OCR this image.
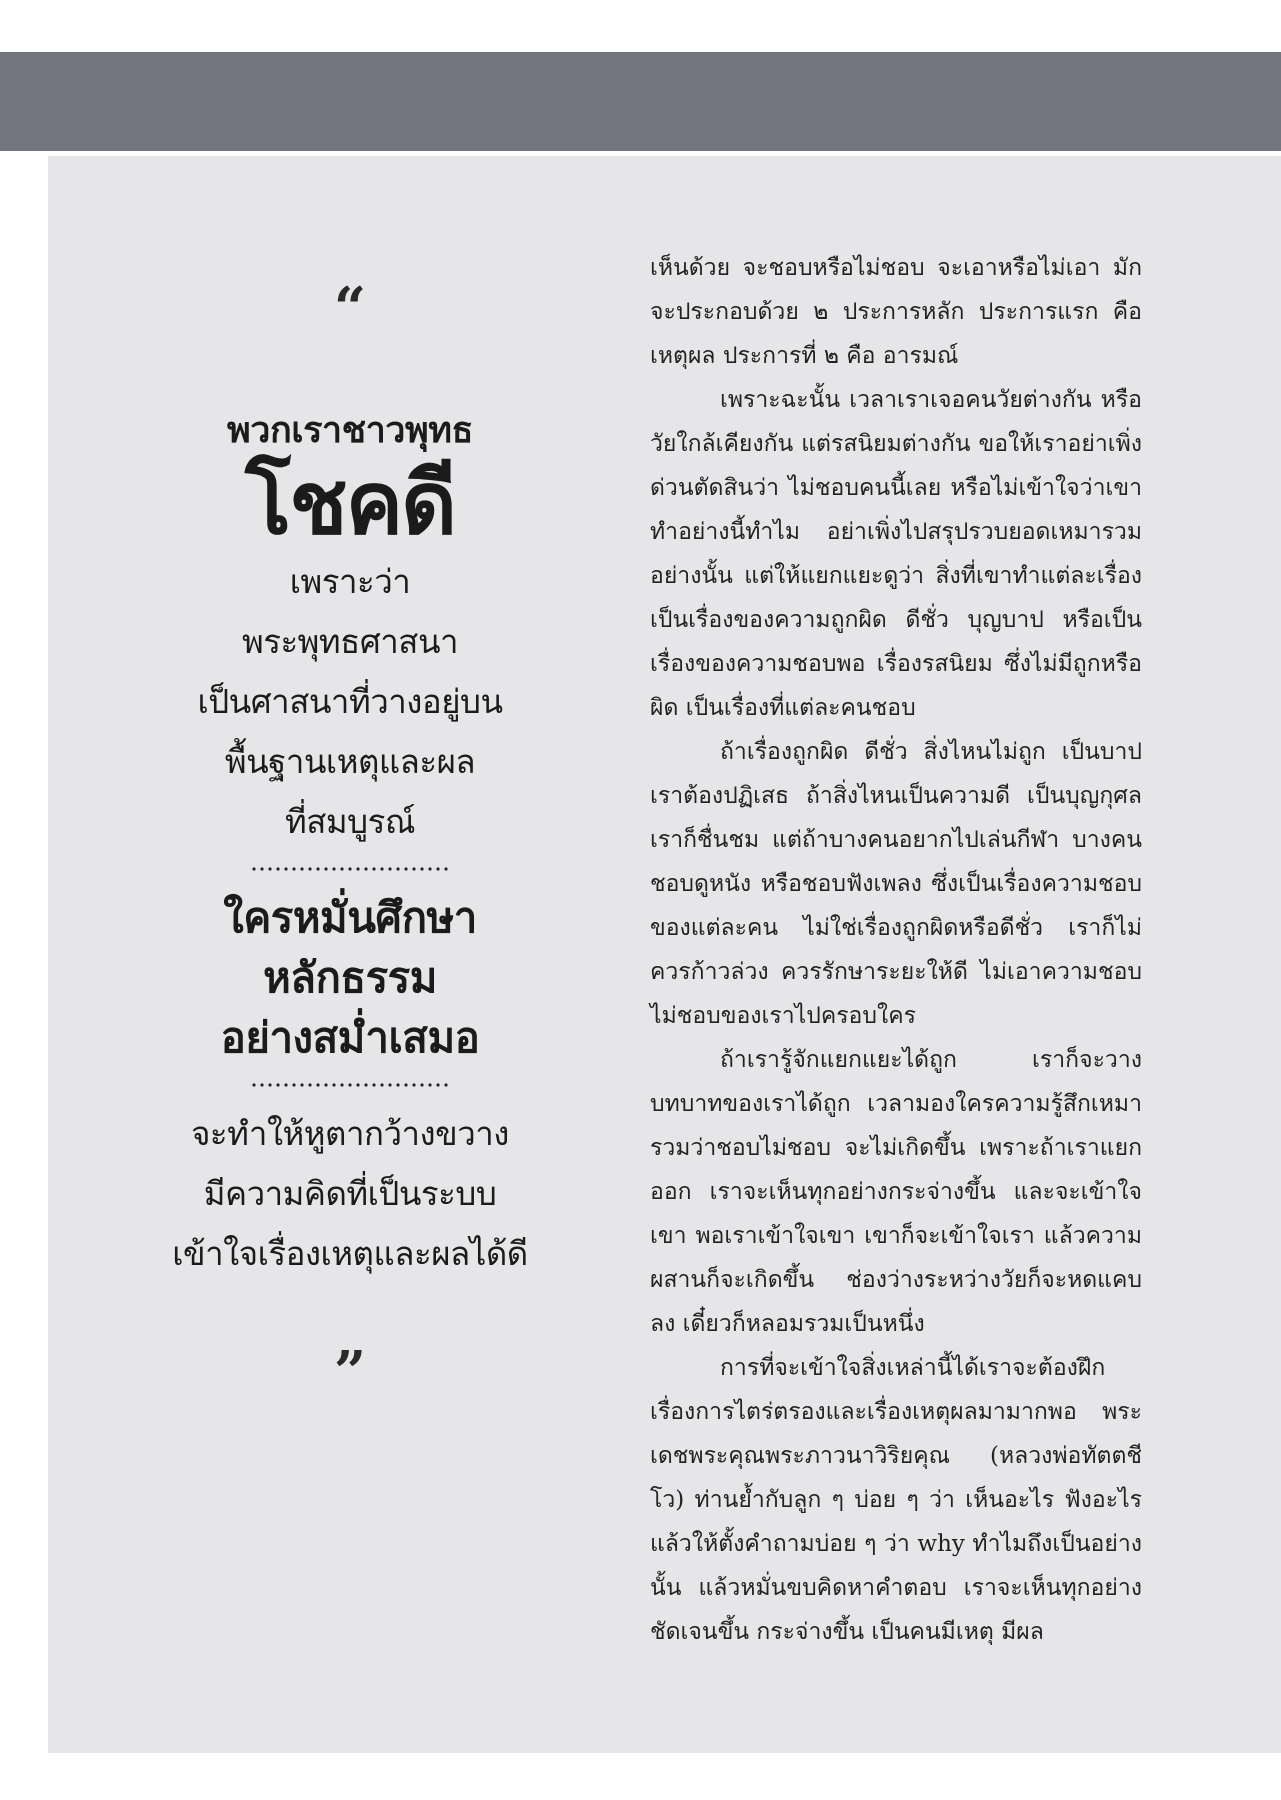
“
พวกเราชาวพุทธ
โชคดี
เพราะว่า
พระพุทธศาสนา
เป็นศาสนาที่วางอยู่บน
พื้นฐานเหตุและผล
ที่สมบูรณ์
ใครหมั่นศึกษา
หลักธรรม
อย่างสม่ำเสมอ
จะทำให้หูตากว้างขวาง
มีความคิดที่เป็นระบบ
เข้าใจเรื่องเหตุและผลได้ดี
”

เห็นด้วย จะชอบหรือไม่ชอบ จะเอาหรือไม่เอา มักจะประกอบด้วย ๒ ประการหลัก ประการแรก คือ เหตุผล ประการที่ ๒ คือ อารมณ์

เพราะฉะนั้น เวลาเราเจอคนวัยต่างกัน หรือวัยใกล้เคียงกัน แต่รสนิยมต่างกัน ขอให้เราอย่าเพิ่งด่วนตัดสินว่า ไม่ชอบคนนี้เลย หรือไม่เข้าใจว่าเขาทำอย่างนี้ทำไม อย่าเพิ่งไปสรุปรวบยอดเหมารวมอย่างนั้น แต่ให้แยกแยะดูว่า สิ่งที่เขาทำแต่ละเรื่องเป็นเรื่องของความถูกผิด ดีชั่ว บุญบาป หรือเป็นเรื่องของความชอบพอ เรื่องรสนิยม ซึ่งไม่มีถูกหรือผิด เป็นเรื่องที่แต่ละคนชอบ

ถ้าเรื่องถูกผิด ดีชั่ว สิ่งไหนไม่ถูก เป็นบาป เราต้องปฏิเสธ ถ้าสิ่งไหนเป็นความดี เป็นบุญกุศล เราก็ชื่นชม แต่ถ้าบางคนอยากไปเล่นกีฬา บางคนชอบดูหนัง หรือชอบฟังเพลง ซึ่งเป็นเรื่องความชอบของแต่ละคน ไม่ใช่เรื่องถูกผิดหรือดีชั่ว เราก็ไม่ควรก้าวล่วง ควรรักษาระยะให้ดี ไม่เอาความชอบไม่ชอบของเราไปครอบใคร

ถ้าเรารู้จักแยกแยะได้ถูก เราก็จะวางบทบาทของเราได้ถูก เวลามองใครความรู้สึกเหมารวมว่าชอบไม่ชอบ จะไม่เกิดขึ้น เพราะถ้าเราแยกออก เราจะเห็นทุกอย่างกระจ่างขึ้น และจะเข้าใจเขา พอเราเข้าใจเขา เขาก็จะเข้าใจเรา แล้วความผสานก็จะเกิดขึ้น ช่องว่างระหว่างวัยก็จะหดแคบลง เดี๋ยวก็หลอมรวมเป็นหนึ่ง

การที่จะเข้าใจสิ่งเหล่านี้ได้เราจะต้องฝึกเรื่องการไตร่ตรองและเรื่องเหตุผลมามากพอ พระเดชพระคุณพระภาวนาวิริยคุณ (หลวงพ่อทัตตชีโว) ท่านย้ำกับลูก ๆ บ่อย ๆ ว่า เห็นอะไร ฟังอะไร แล้วให้ตั้งคำถามบ่อย ๆ ว่า why ทำไมถึงเป็นอย่างนั้น แล้วหมั่นขบคิดหาคำตอบ เราจะเห็นทุกอย่างชัดเจนขึ้น กระจ่างขึ้น เป็นคนมีเหตุ มีผล
